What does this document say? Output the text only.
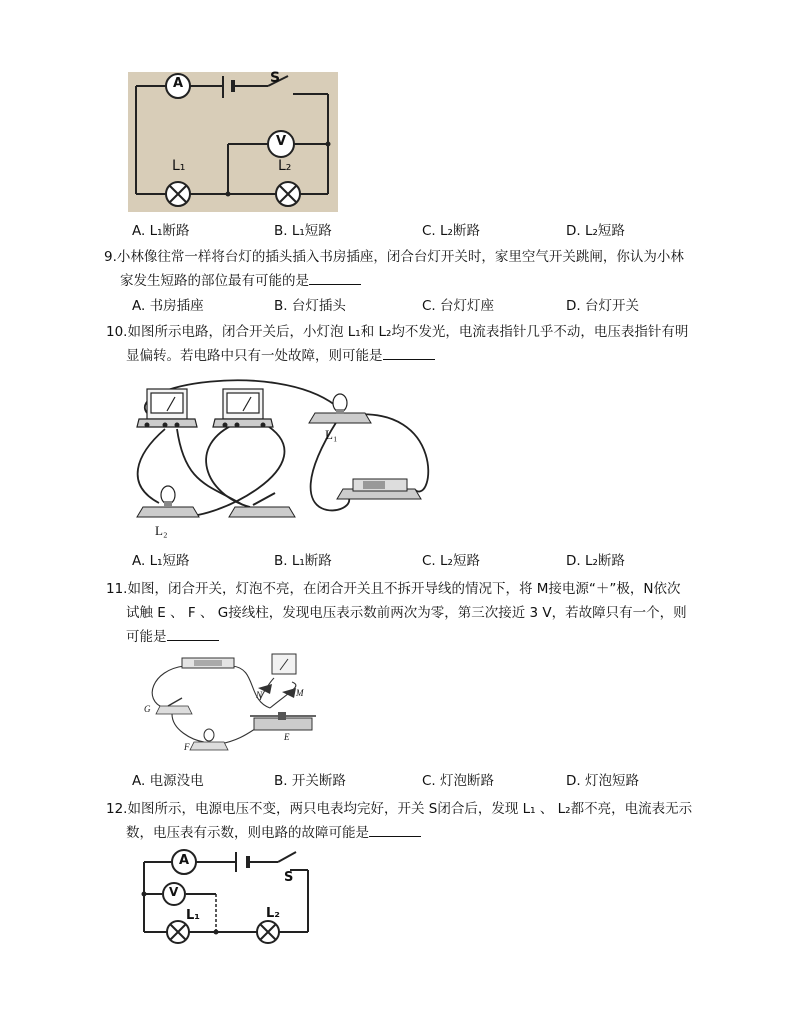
A	S
V
L₁	L₂
A. L₁断路	B. L₁短路	C. L₂断路	D. L₂短路
9.小林像往常一样将台灯的插头插入书房插座，闭合台灯开关时，家里空气开关跳闸，你认为小林
家发生短路的部位最有可能的是
A. 书房插座	B. 台灯插头	C. 台灯灯座	D. 台灯开关
10.如图所示电路，闭合开关后，小灯泡 L₁和 L₂均不发光，电流表指针几乎不动，电压表指针有明
显偏转。若电路中只有一处故障，则可能是
L₁
L₂
A. L₁短路	B. L₁断路	C. L₂短路	D. L₂断路
11.如图，闭合开关，灯泡不亮，在闭合开关且不拆开导线的情况下，将 M接电源“＋”极，N依次
试触 E 、 F 、 G接线柱，发现电压表示数前两次为零，第三次接近 3 V，若故障只有一个，则
可能是
N	M
G
F
E
A. 电源没电	B. 开关断路	C. 灯泡断路	D. 灯泡短路
12.如图所示，电源电压不变，两只电表均完好，开关 S闭合后，发现 L₁ 、 L₂都不亮，电流表无示
数，电压表有示数，则电路的故障可能是
A
S
V
L₁	L₂
